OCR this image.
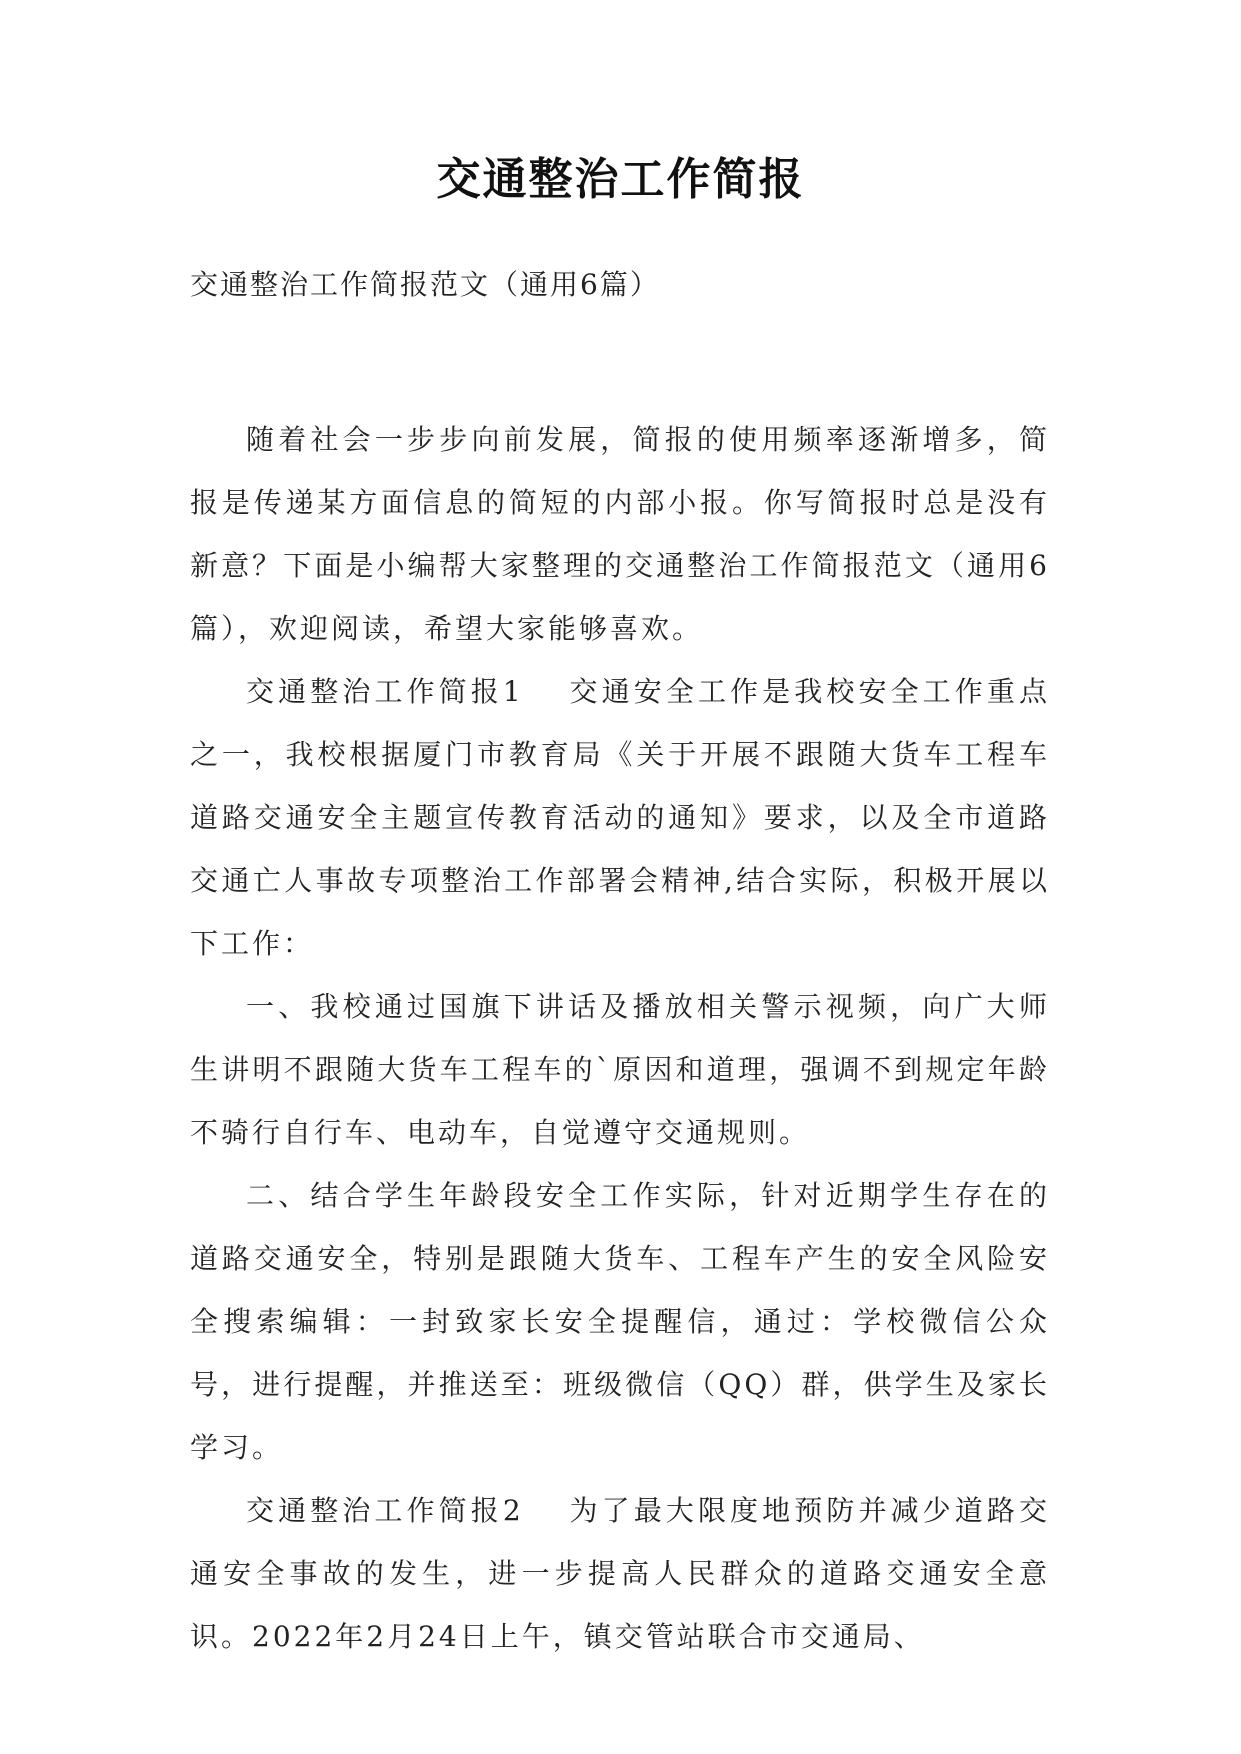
交通整治工作简报
交通整治工作简报范文（通用6篇）

随着社会一步步向前发展，简报的使用频率逐渐增多，简报是传递某方面信息的简短的内部小报。你写简报时总是没有新意？下面是小编帮大家整理的交通整治工作简报范文（通用6篇），欢迎阅读，希望大家能够喜欢。

交通整治工作简报1 交通安全工作是我校安全工作重点之一，我校根据厦门市教育局《关于开展不跟随大货车工程车道路交通安全主题宣传教育活动的通知》要求，以及全市道路交通亡人事故专项整治工作部署会精神,结合实际，积极开展以下工作：

一、我校通过国旗下讲话及播放相关警示视频，向广大师生讲明不跟随大货车工程车的`原因和道理，强调不到规定年龄不骑行自行车、电动车，自觉遵守交通规则。

二、结合学生年龄段安全工作实际，针对近期学生存在的道路交通安全，特别是跟随大货车、工程车产生的安全风险安全搜索编辑：一封致家长安全提醒信，通过：学校微信公众号，进行提醒，并推送至：班级微信（QQ）群，供学生及家长学习。

交通整治工作简报2 为了最大限度地预防并减少道路交通安全事故的发生，进一步提高人民群众的道路交通安全意识。2022年2月24日上午，镇交管站联合市交通局、
